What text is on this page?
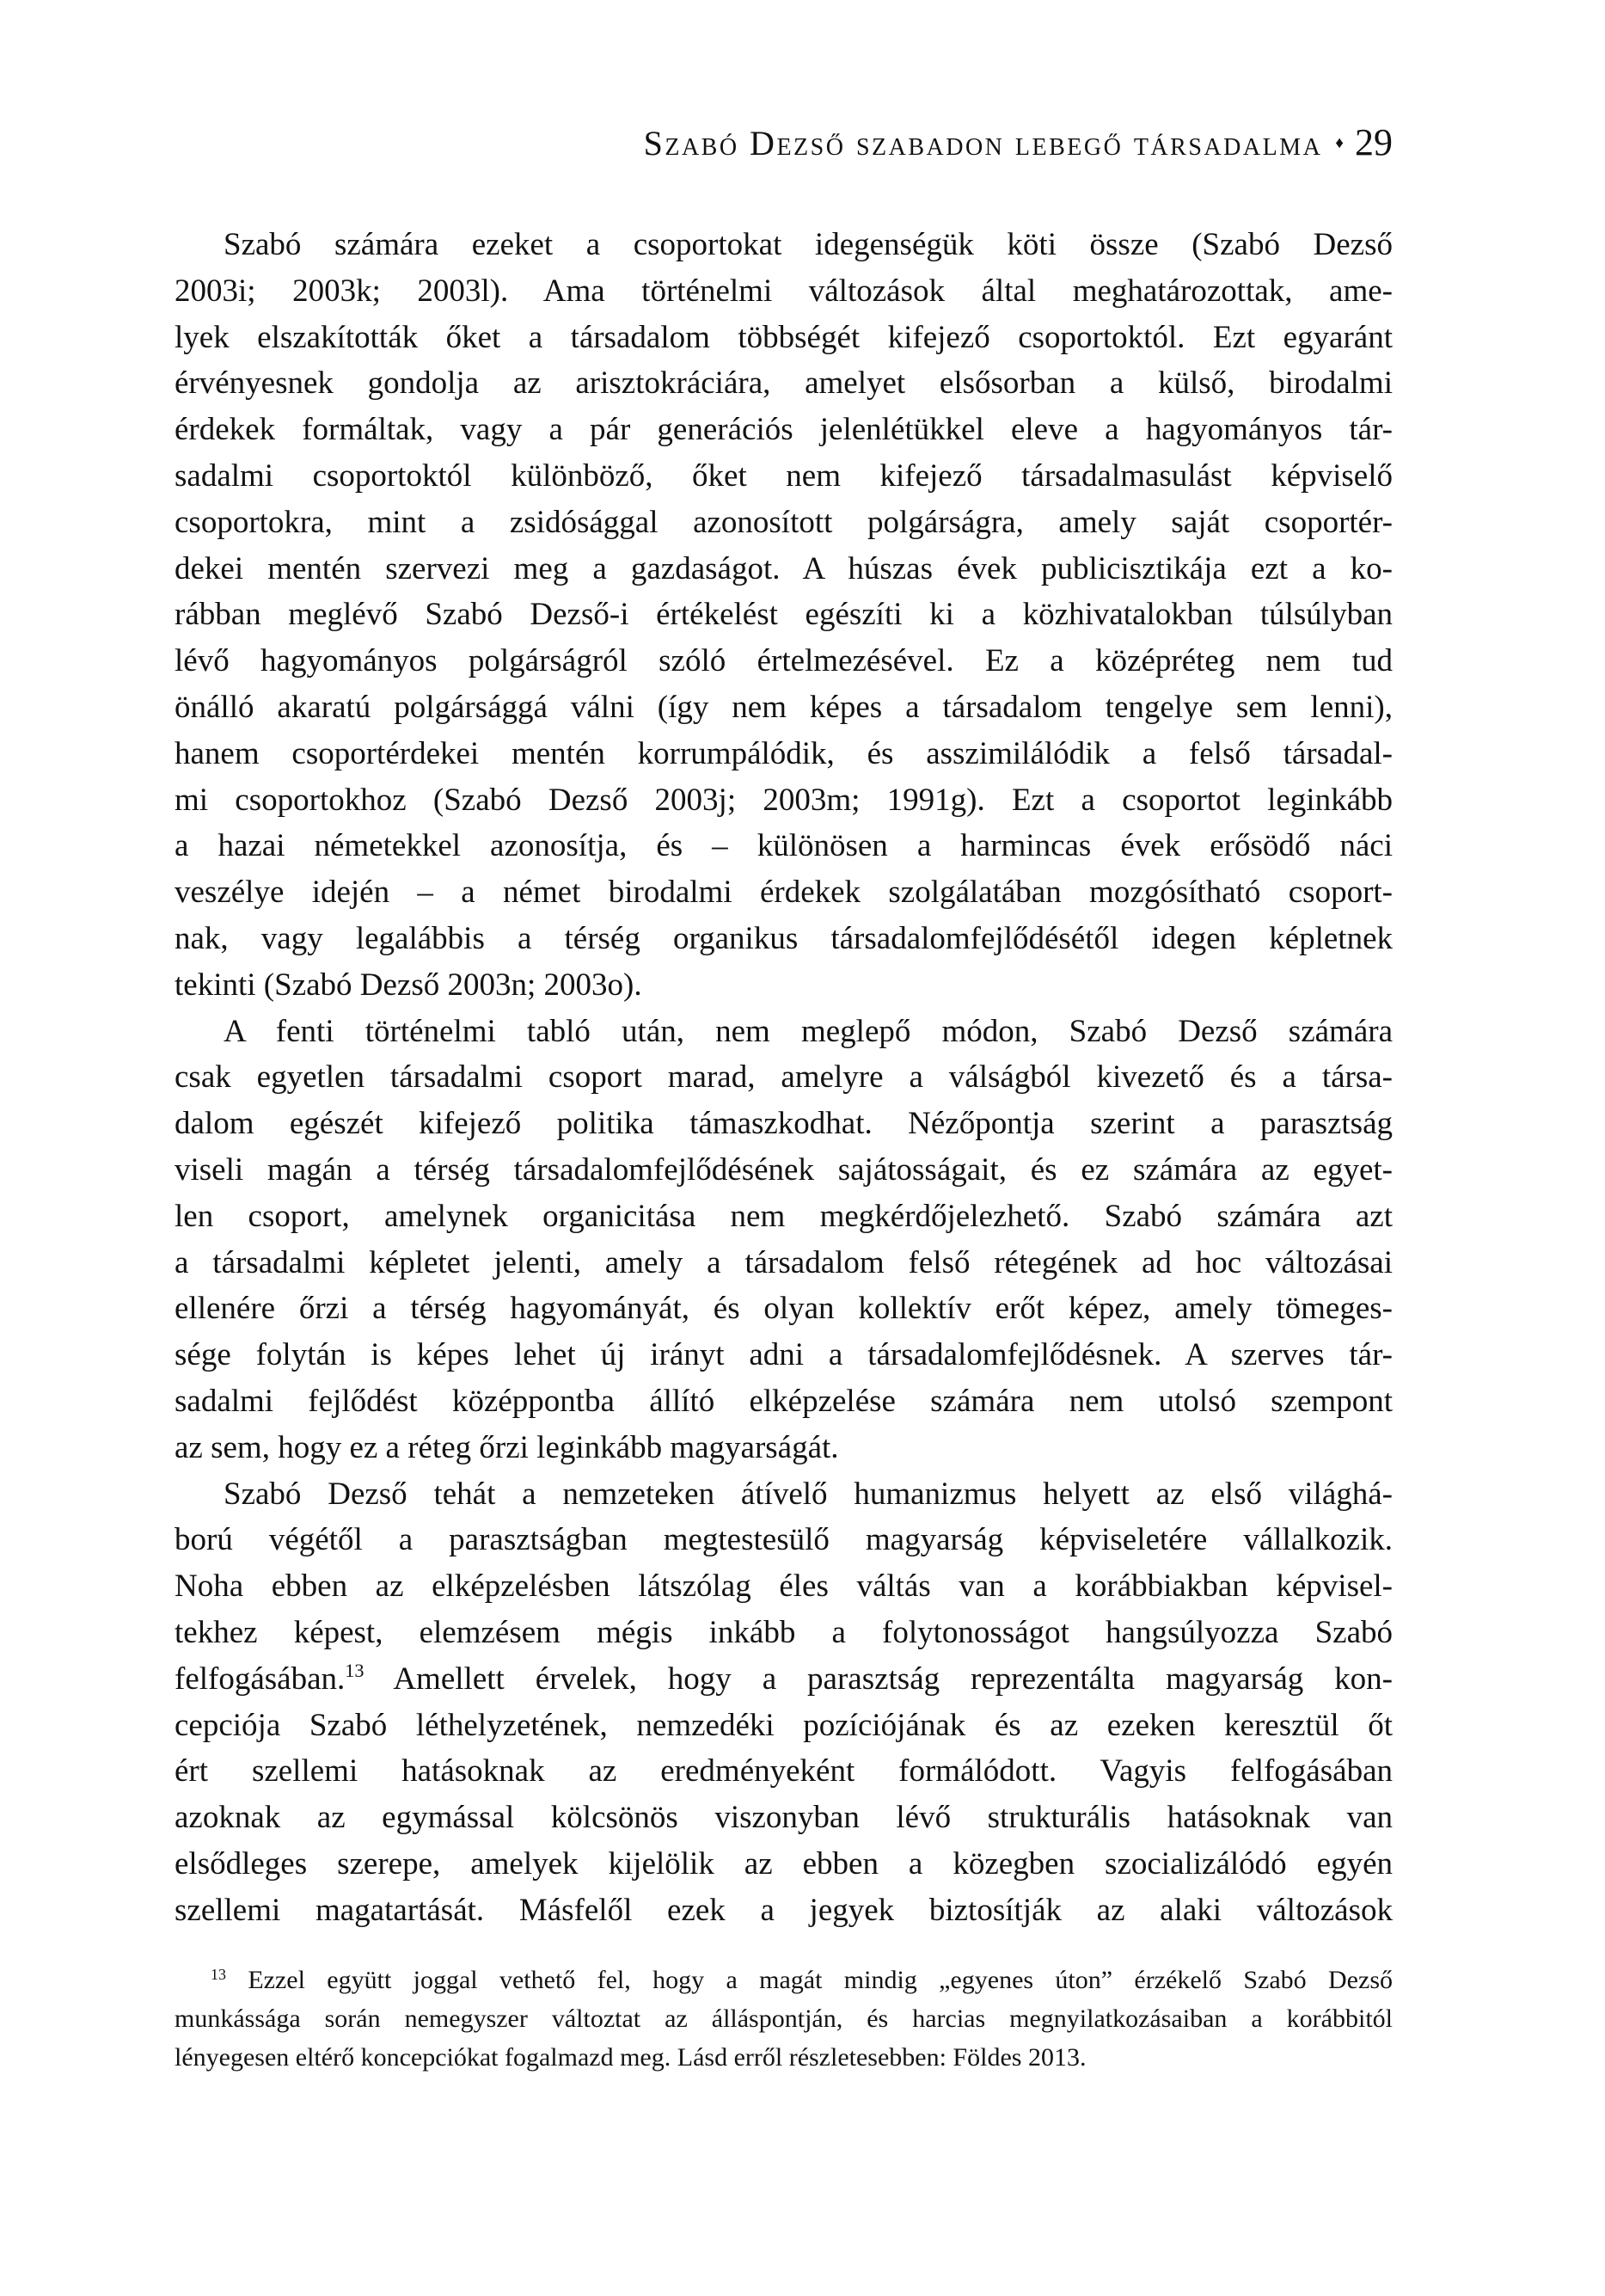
Szabó Dezső szabadon lebegő társadalma ♦ 29
Szabó számára ezeket a csoportokat idegenségük köti össze (Szabó Dezső
2003i; 2003k; 2003l). Ama történelmi változások által meghatározottak, ame-
lyek elszakították őket a társadalom többségét kifejező csoportoktól. Ezt egyaránt
érvényesnek gondolja az arisztokráciára, amelyet elsősorban a külső, birodalmi
érdekek formáltak, vagy a pár generációs jelenlétükkel eleve a hagyományos tár-
sadalmi csoportoktól különböző, őket nem kifejező társadalmasulást képviselő
csoportokra, mint a zsidósággal azonosított polgárságra, amely saját csoportér-
dekei mentén szervezi meg a gazdaságot. A húszas évek publicisztikája ezt a ko-
rábban meglévő Szabó Dezső-i értékelést egészíti ki a közhivatalokban túlsúlyban
lévő hagyományos polgárságról szóló értelmezésével. Ez a középréteg nem tud
önálló akaratú polgársággá válni (így nem képes a társadalom tengelye sem lenni),
hanem csoportérdekei mentén korrumpálódik, és asszimilálódik a felső társadal-
mi csoportokhoz (Szabó Dezső 2003j; 2003m; 1991g). Ezt a csoportot leginkább
a hazai németekkel azonosítja, és – különösen a harmincas évek erősödő náci
veszélye idején – a német birodalmi érdekek szolgálatában mozgósítható csoport-
nak, vagy legalábbis a térség organikus társadalomfejlődésétől idegen képletnek
tekinti (Szabó Dezső 2003n; 2003o).
A fenti történelmi tabló után, nem meglepő módon, Szabó Dezső számára
csak egyetlen társadalmi csoport marad, amelyre a válságból kivezető és a társa-
dalom egészét kifejező politika támaszkodhat. Nézőpontja szerint a parasztság
viseli magán a térség társadalomfejlődésének sajátosságait, és ez számára az egyet-
len csoport, amelynek organicitása nem megkérdőjelezhető. Szabó számára azt
a társadalmi képletet jelenti, amely a társadalom felső rétegének ad hoc változásai
ellenére őrzi a térség hagyományát, és olyan kollektív erőt képez, amely tömeges-
sége folytán is képes lehet új irányt adni a társadalomfejlődésnek. A szerves tár-
sadalmi fejlődést középpontba állító elképzelése számára nem utolsó szempont
az sem, hogy ez a réteg őrzi leginkább magyarságát.
Szabó Dezső tehát a nemzeteken átívelő humanizmus helyett az első világhá-
ború végétől a parasztságban megtestesülő magyarság képviseletére vállalkozik.
Noha ebben az elképzelésben látszólag éles váltás van a korábbiakban képvisel-
tekhez képest, elemzésem mégis inkább a folytonosságot hangsúlyozza Szabó
felfogásában.$^{13}$ Amellett érvelek, hogy a parasztság reprezentálta magyarság kon-
cepciója Szabó léthelyzetének, nemzedéki pozíciójának és az ezeken keresztül őt
ért szellemi hatásoknak az eredményeként formálódott. Vagyis felfogásában
azoknak az egymással kölcsönös viszonyban lévő strukturális hatásoknak van
elsődleges szerepe, amelyek kijelölik az ebben a közegben szocializálódó egyén
szellemi magatartását. Másfelől ezek a jegyek biztosítják az alaki változások
$^{13}$ Ezzel együtt joggal vethető fel, hogy a magát mindig „egyenes úton” érzékelő Szabó Dezső
munkássága során nemegyszer változtat az álláspontján, és harcias megnyilatkozásaiban a korábbitól
lényegesen eltérő koncepciókat fogalmazd meg. Lásd erről részletesebben: Földes 2013.
